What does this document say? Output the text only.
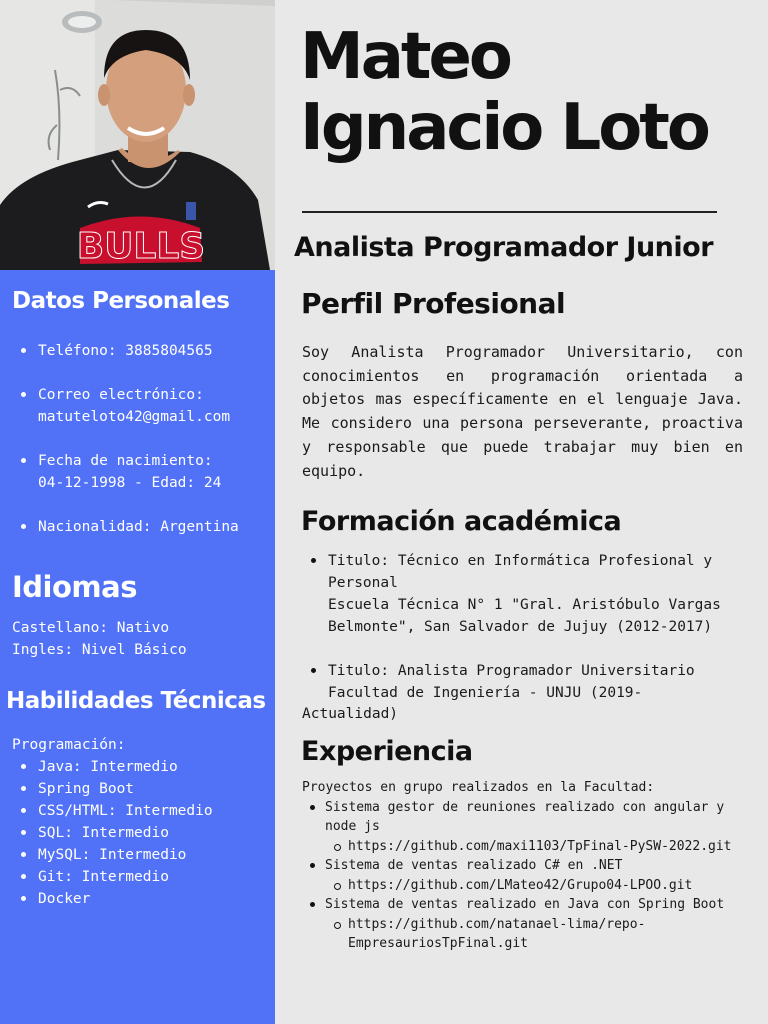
BULLS
Datos Personales
Teléfono: 3885804565
Correo electrónico:
matuteloto42@gmail.com
Fecha de nacimiento:
04-12-1998 - Edad: 24
Nacionalidad: Argentina
Idiomas
Castellano: Nativo
Ingles: Nivel Básico
Habilidades Técnicas
Programación:
Java: Intermedio
Spring Boot
CSS/HTML: Intermedio
SQL: Intermedio
MySQL: Intermedio
Git: Intermedio
Docker
Mateo
Ignacio Loto
Analista Programador Junior
Perfil Profesional

Soy Analista Programador Universitario, con conocimientos en programación orientada a objetos mas específicamente en el lenguaje Java. Me considero una persona perseverante, proactiva y responsable que puede trabajar muy bien en equipo.

Formación académica
Titulo: Técnico en Informática Profesional y Personal
Escuela Técnica N° 1 "Gral. Aristóbulo Vargas Belmonte", San Salvador de Jujuy (2012-2017)
Titulo: Analista Programador Universitario
Facultad de Ingeniería - UNJU (2019-
Actualidad)
Experiencia
Proyectos en grupo realizados en la Facultad:
Sistema gestor de reuniones realizado con angular y node js
https://github.com/maxi1103/TpFinal-PySW-2022.git
Sistema de ventas realizado C# en .NET
https://github.com/LMateo42/Grupo04-LPOO.git
Sistema de ventas realizado en Java con Spring Boot
https://github.com/natanael-lima/repo-EmpresauriosTpFinal.git
